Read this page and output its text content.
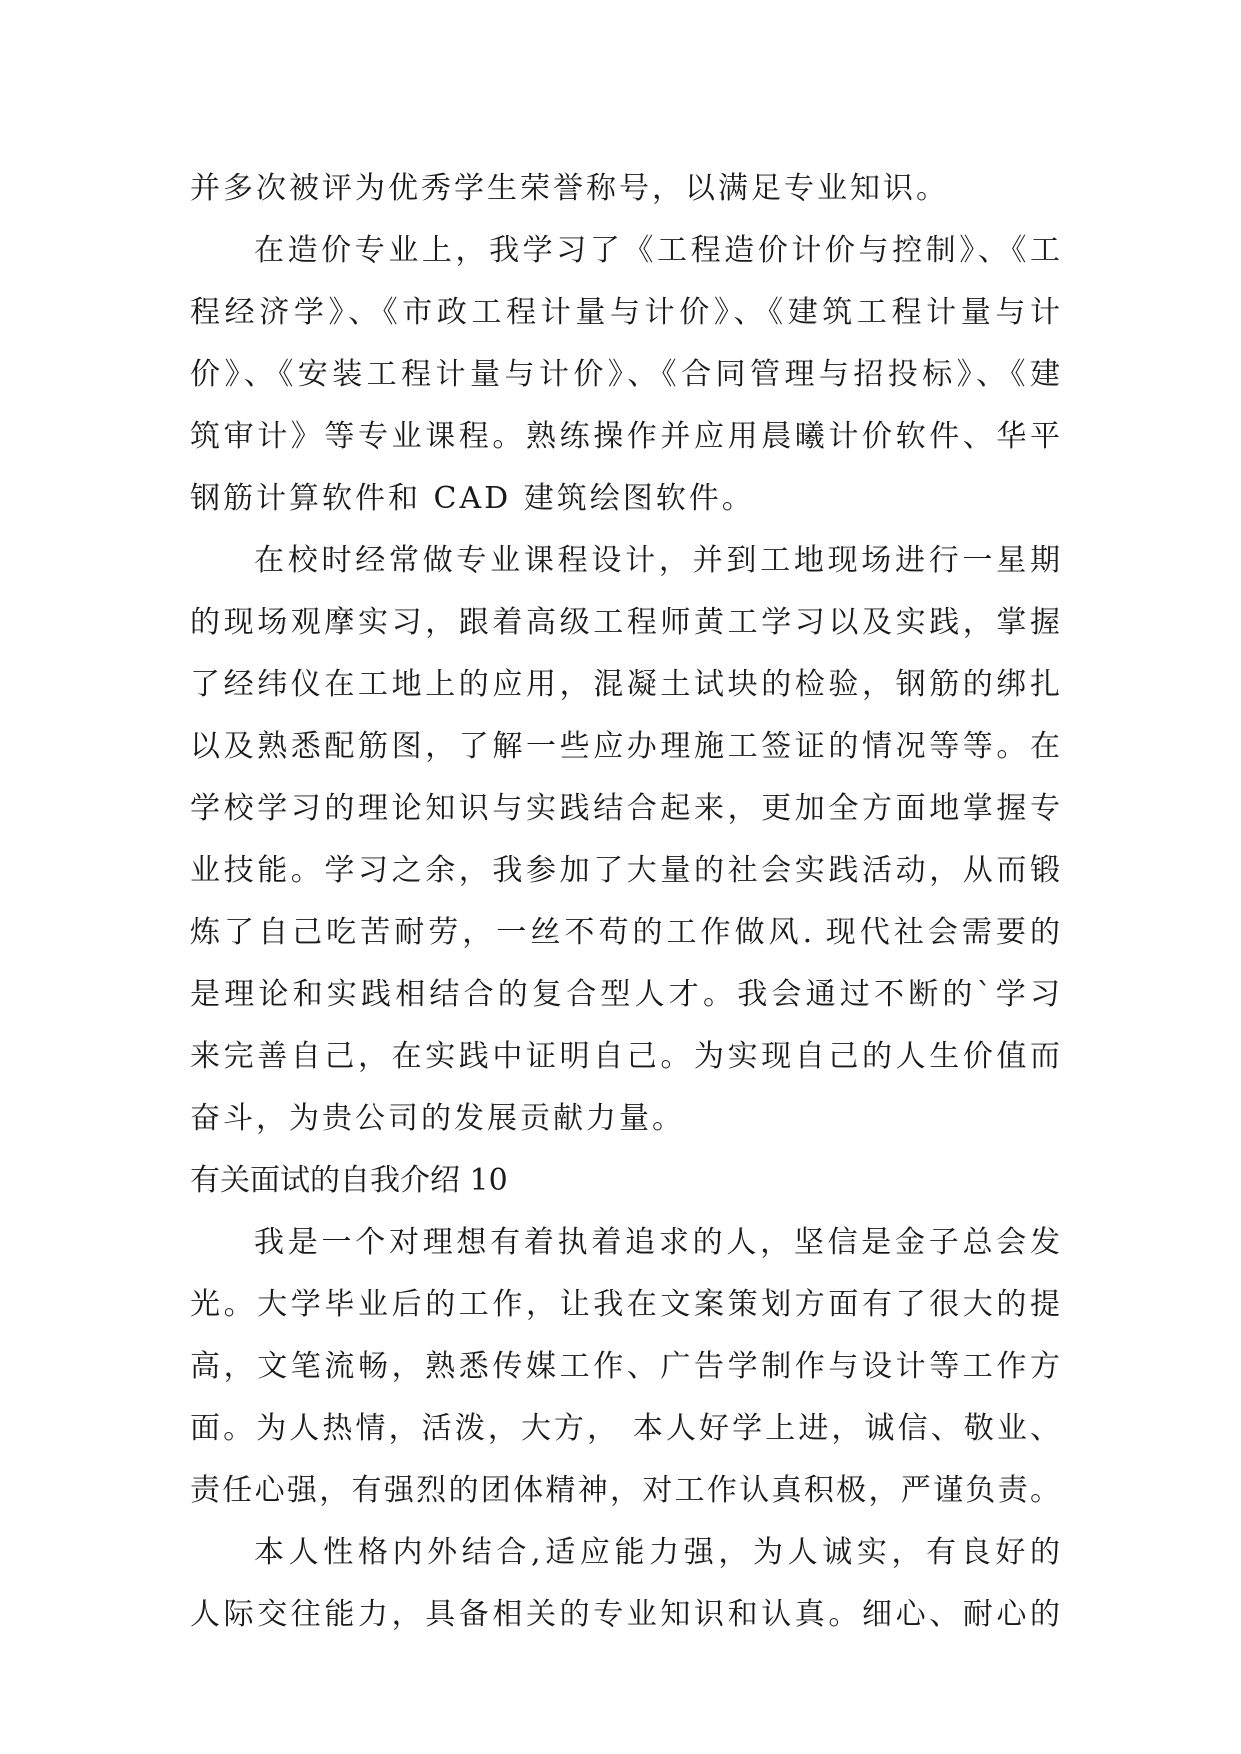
并多次被评为优秀学生荣誉称号，以满足专业知识。
在造价专业上，我学习了《工程造价计价与控制》、《工
程经济学》、《市政工程计量与计价》、《建筑工程计量与计
价》、《安装工程计量与计价》、《合同管理与招投标》、《建
筑审计》等专业课程。熟练操作并应用晨曦计价软件、华平
钢筋计算软件和 CAD 建筑绘图软件。
在校时经常做专业课程设计，并到工地现场进行一星期
的现场观摩实习，跟着高级工程师黄工学习以及实践，掌握
了经纬仪在工地上的应用，混凝土试块的检验，钢筋的绑扎
以及熟悉配筋图，了解一些应办理施工签证的情况等等。在
学校学习的理论知识与实践结合起来，更加全方面地掌握专
业技能。学习之余，我参加了大量的社会实践活动，从而锻
炼了自己吃苦耐劳，一丝不苟的工作做风. 现代社会需要的
是理论和实践相结合的复合型人才。我会通过不断的`学习
来完善自己，在实践中证明自己。为实现自己的人生价值而
奋斗，为贵公司的发展贡献力量。
有关面试的自我介绍 10
我是一个对理想有着执着追求的人，坚信是金子总会发
光。大学毕业后的工作，让我在文案策划方面有了很大的提
高，文笔流畅，熟悉传媒工作、广告学制作与设计等工作方
面。为人热情，活泼，大方， 本人好学上进，诚信、敬业、
责任心强，有强烈的团体精神，对工作认真积极，严谨负责。
本人性格内外结合,适应能力强，为人诚实，有良好的
人际交往能力，具备相关的专业知识和认真。细心、耐心的
